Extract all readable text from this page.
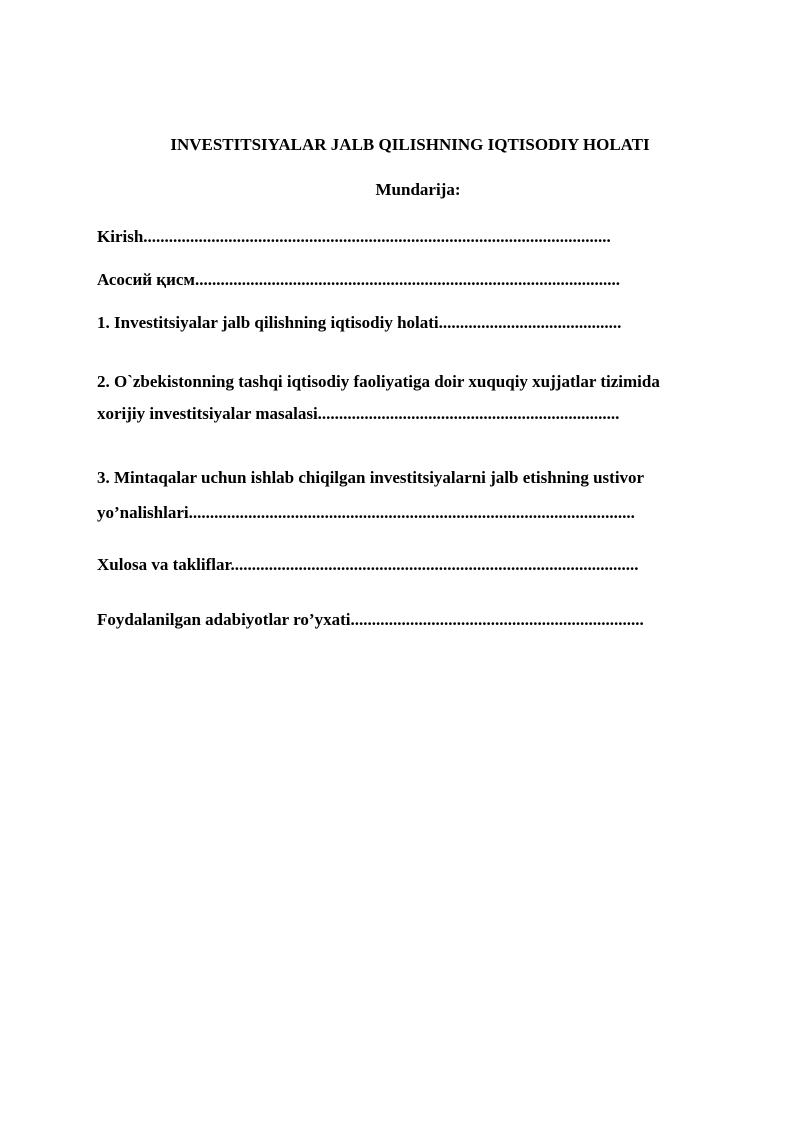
INVESTITSIYALAR JALB QILISHNING IQTISODIY HOLATI
Mundarija:
Kirish..............................................................................................................
Асосий қисм....................................................................................................
1. Investitsiyalar jalb qilishning iqtisodiy holati...........................................
2. O`zbekistonning tashqi iqtisodiy faoliyatiga doir xuquqiy xujjatlar tizimida
xorijiy investitsiyalar masalasi.......................................................................
3. Mintaqalar uchun ishlab chiqilgan investitsiyalarni jalb etishning ustivor
yo’nalishlari.........................................................................................................
Xulosa va takliflar................................................................................................
Foydalanilgan adabiyotlar ro’yxati.....................................................................
